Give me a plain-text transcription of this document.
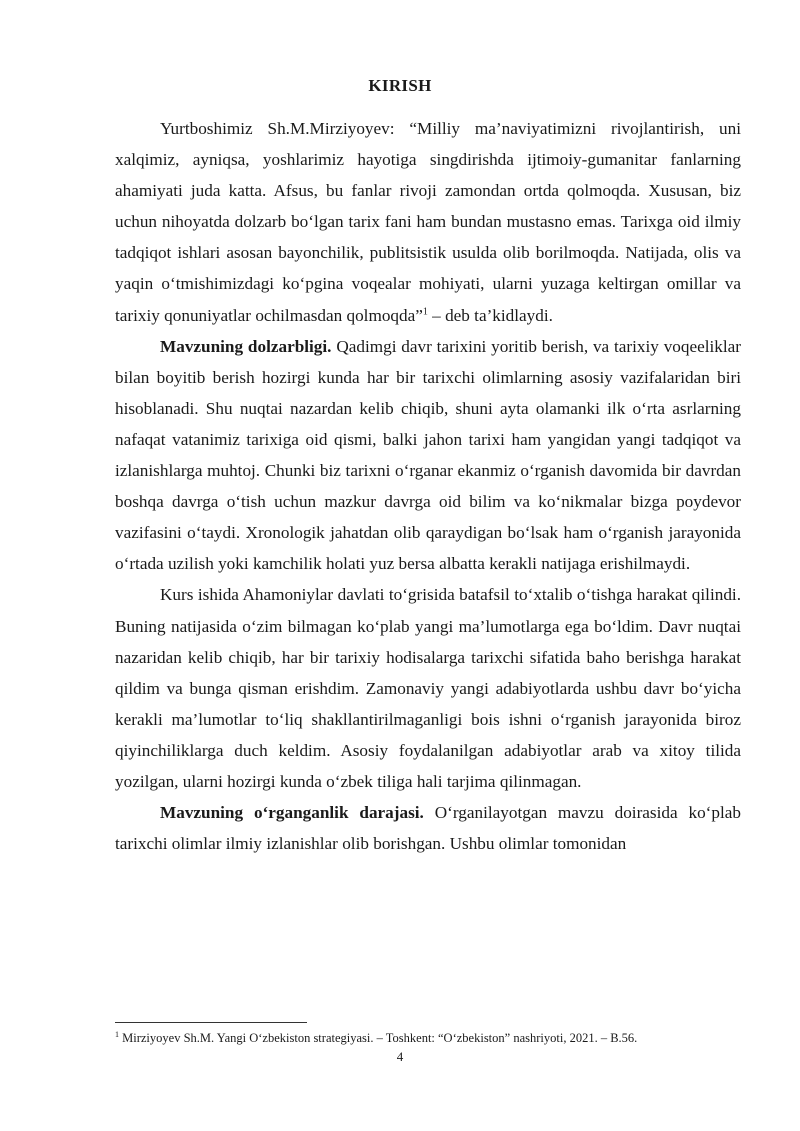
KIRISH

Yurtboshimiz Sh.M.Mirziyoyev: “Milliy ma’naviyatimizni rivojlantirish, uni xalqimiz, ayniqsa, yoshlarimiz hayotiga singdirishda ijtimoiy-gumanitar fanlarning ahamiyati juda katta. Afsus, bu fanlar rivoji zamondan ortda qolmoqda. Xususan, biz uchun nihoyatda dolzarb bo‘lgan tarix fani ham bundan mustasno emas. Tarixga oid ilmiy tadqiqot ishlari asosan bayonchilik, publitsistik usulda olib borilmoqda. Natijada, olis va yaqin o‘tmishimizdagi ko‘pgina voqealar mohiyati, ularni yuzaga keltirgan omillar va tarixiy qonuniyatlar ochilmasdan qolmoqda”$^1$ – deb ta’kidlaydi.

Mavzuning dolzarbligi. Qadimgi davr tarixini yoritib berish, va tarixiy voqeeliklar bilan boyitib berish hozirgi kunda har bir tarixchi olimlarning asosiy vazifalaridan biri hisoblanadi. Shu nuqtai nazardan kelib chiqib, shuni ayta olamanki ilk o‘rta asrlarning nafaqat vatanimiz tarixiga oid qismi, balki jahon tarixi ham yangidan yangi tadqiqot va izlanishlarga muhtoj. Chunki biz tarixni o‘rganar ekanmiz o‘rganish davomida bir davrdan boshqa davrga o‘tish uchun mazkur davrga oid bilim va ko‘nikmalar bizga poydevor vazifasini o‘taydi. Xronologik jahatdan olib qaraydigan bo‘lsak ham o‘rganish jarayonida o‘rtada uzilish yoki kamchilik holati yuz bersa albatta kerakli natijaga erishilmaydi.

Kurs ishida Ahamoniylar davlati to‘grisida batafsil to‘xtalib o‘tishga harakat qilindi. Buning natijasida o‘zim bilmagan ko‘plab yangi ma’lumotlarga ega bo‘ldim. Davr nuqtai nazaridan kelib chiqib, har bir tarixiy hodisalarga tarixchi sifatida baho berishga harakat qildim va bunga qisman erishdim. Zamonaviy yangi adabiyotlarda ushbu davr bo‘yicha kerakli ma’lumotlar to‘liq shakllantirilmaganligi bois ishni o‘rganish jarayonida biroz qiyinchiliklarga duch keldim. Asosiy foydalanilgan adabiyotlar arab va xitoy tilida yozilgan, ularni hozirgi kunda o‘zbek tiliga hali tarjima qilinmagan.

Mavzuning o‘rganganlik darajasi. O‘rganilayotgan mavzu doirasida ko‘plab tarixchi olimlar ilmiy izlanishlar olib borishgan. Ushbu olimlar tomonidan

$^1$ Mirziyoyev Sh.M. Yangi O‘zbekiston strategiyasi. – Toshkent: “O‘zbekiston” nashriyoti, 2021. – B.56.
4
